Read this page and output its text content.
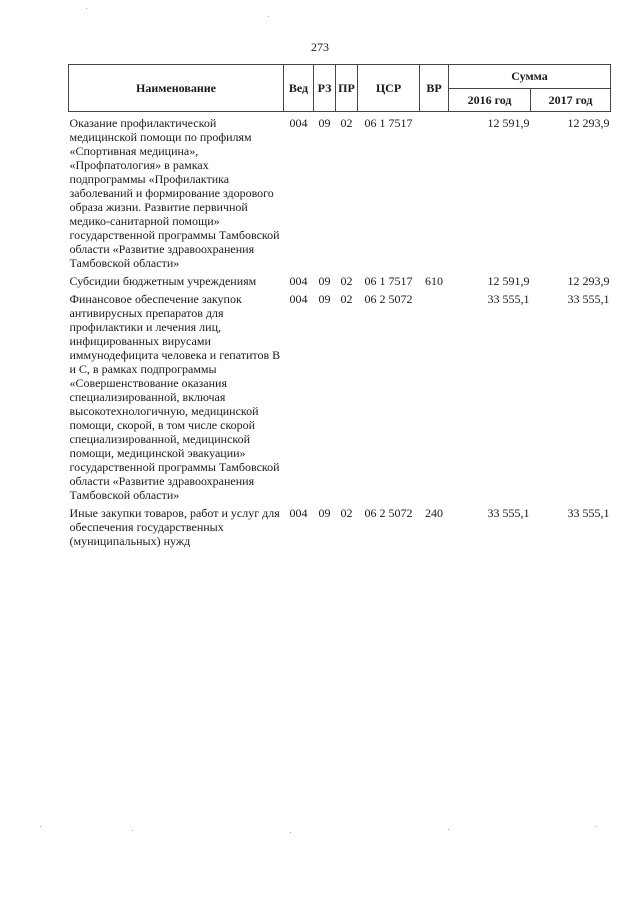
273
Наименование	Вед	РЗ	ПР	ЦСР	ВР	Сумма	
						2016 год	2017 год

Оказание профилактической медицинской помощи по профилям «Спортивная медицина», «Профпатология» в рамках подпрограммы «Профилактика заболеваний и формирование здорового образа жизни. Развитие первичной медико-санитарной помощи» государственной программы Тамбовской области «Развитие здравоохранения Тамбовской области»	004	09	02	06 1 7517		12 591,9	12 293,9
Субсидии бюджетным учреждениям	004	09	02	06 1 7517	610	12 591,9	12 293,9
Финансовое обеспечение закупок антивирусных препаратов для профилактики и лечения лиц, инфицированных вирусами иммунодефицита человека и гепатитов В и С, в рамках подпрограммы «Совершенствование оказания специализированной, включая высокотехнологичную, медицинской помощи, скорой, в том числе скорой специализированной, медицинской помощи, медицинской эвакуации» государственной программы Тамбовской области «Развитие здравоохранения Тамбовской области»	004	09	02	06 2 5072		33 555,1	33 555,1
Иные закупки товаров, работ и услуг для обеспечения государственных (муниципальных) нужд	004	09	02	06 2 5072	240	33 555,1	33 555,1
